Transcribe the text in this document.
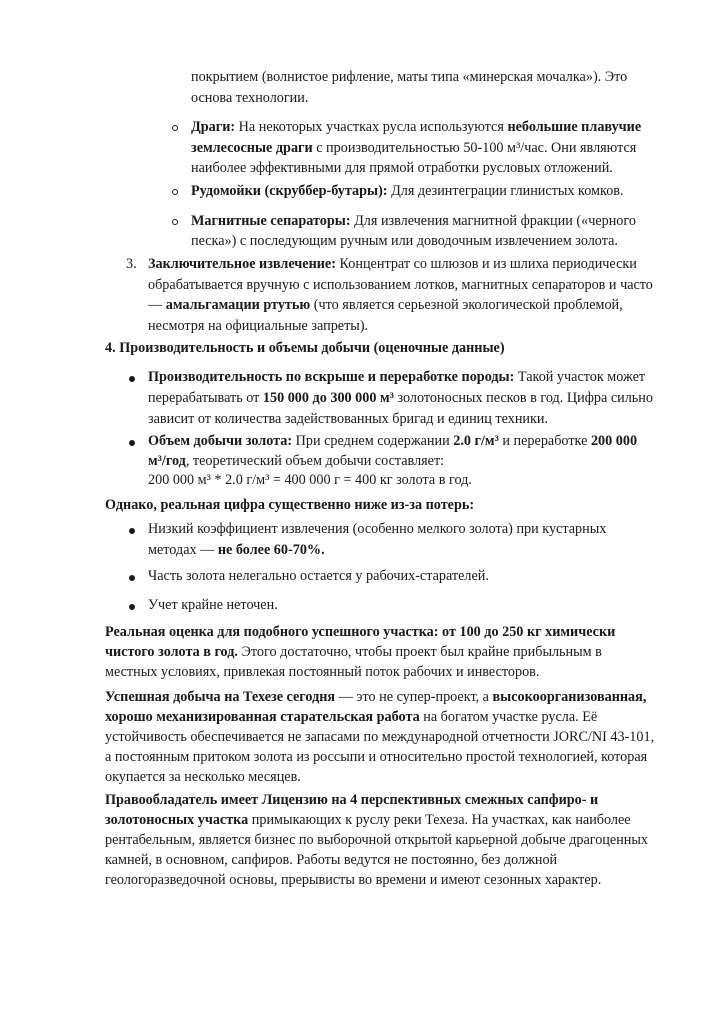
покрытием (волнистое рифление, маты типа «минерская мочалка»). Это
основа технологии.
Драги: На некоторых участках русла используются небольшие плавучие
землесосные драги с производительностью 50-100 м³/час. Они являются
наиболее эффективными для прямой отработки русловых отложений.
Рудомойки (скруббер-бутары): Для дезинтеграции глинистых комков.
Магнитные сепараторы: Для извлечения магнитной фракции («черного
песка») с последующим ручным или доводочным извлечением золота.
3. Заключительное извлечение: Концентрат со шлюзов и из шлиха периодически
обрабатывается вручную с использованием лотков, магнитных сепараторов и часто
— амальгамации ртутью (что является серьезной экологической проблемой,
несмотря на официальные запреты).
4. Производительность и объемы добычи (оценочные данные)
Производительность по вскрыше и переработке породы: Такой участок может
перерабатывать от 150 000 до 300 000 м³ золотоносных песков в год. Цифра сильно
зависит от количества задействованных бригад и единиц техники.
Объем добычи золота: При среднем содержании 2.0 г/м³ и переработке 200 000
м³/год, теоретический объем добычи составляет:
200 000 м³ * 2.0 г/м³ = 400 000 г = 400 кг золота в год.
Однако, реальная цифра существенно ниже из-за потерь:
Низкий коэффициент извлечения (особенно мелкого золота) при кустарных
методах — не более 60-70%.
Часть золота нелегально остается у рабочих-старателей.
Учет крайне неточен.
Реальная оценка для подобного успешного участка: от 100 до 250 кг химически
чистого золота в год. Этого достаточно, чтобы проект был крайне прибыльным в
местных условиях, привлекая постоянный поток рабочих и инвесторов.
Успешная добыча на Техезе сегодня — это не супер-проект, а высокоорганизованная,
хорошо механизированная старательская работа на богатом участке русла. Её
устойчивость обеспечивается не запасами по международной отчетности JORC/NI 43-101,
а постоянным притоком золота из россыпи и относительно простой технологией, которая
окупается за несколько месяцев.
Правообладатель имеет Лицензию на 4 перспективных смежных сапфиро- и
золотоносных участка примыкающих к руслу реки Техеза. На участках, как наиболее
рентабельным, является бизнес по выборочной открытой карьерной добыче драгоценных
камней, в основном, сапфиров. Работы ведутся не постоянно, без должной
геологоразведочной основы, прерывисты во времени и имеют сезонных характер.
